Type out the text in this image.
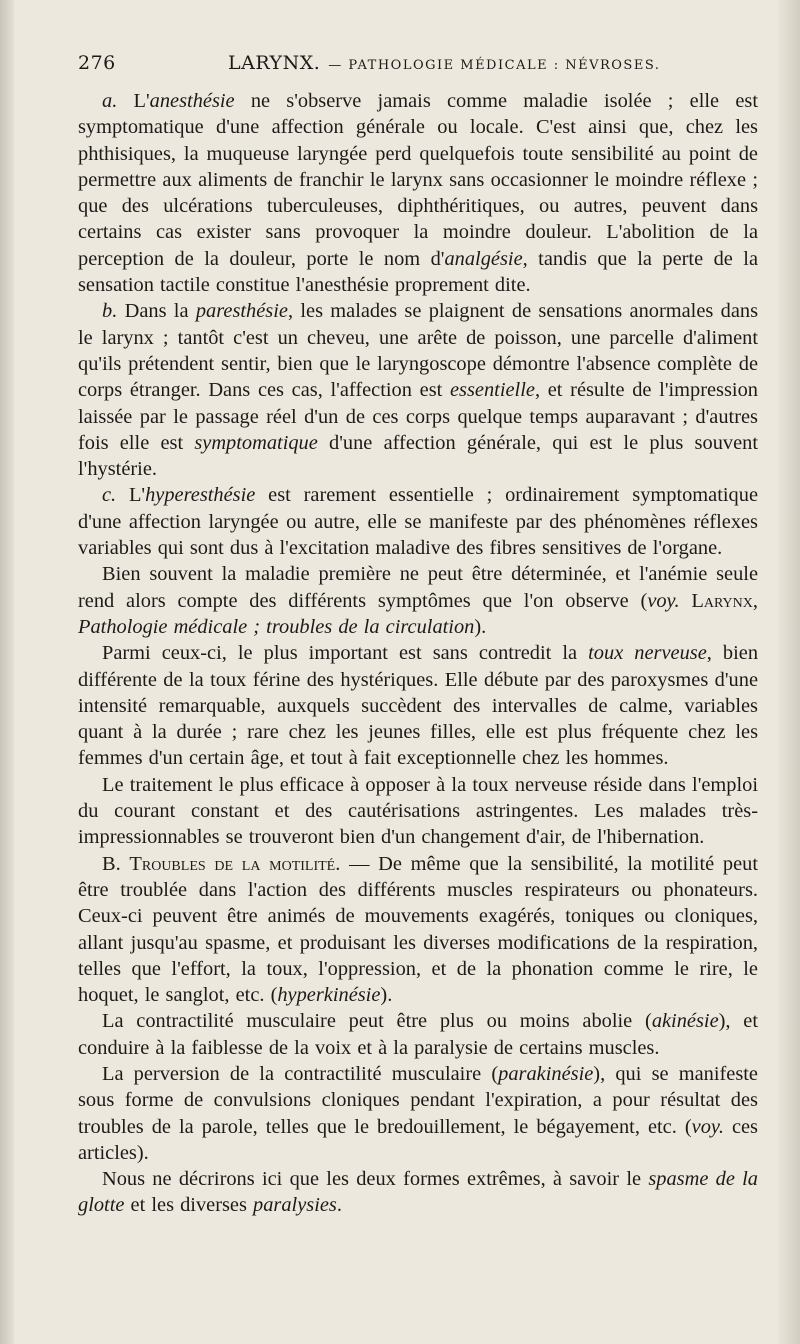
276	LARYNX. — PATHOLOGIE MÉDICALE : NÉVROSES.

a. L'anesthésie ne s'observe jamais comme maladie isolée ; elle est symptomatique d'une affection générale ou locale. C'est ainsi que, chez les phthisiques, la muqueuse laryngée perd quelquefois toute sensibilité au point de permettre aux aliments de franchir le larynx sans occasionner le moindre réflexe ; que des ulcérations tuberculeuses, diphthéritiques, ou autres, peuvent dans certains cas exister sans provoquer la moindre douleur. L'abolition de la perception de la douleur, porte le nom d'analgésie, tandis que la perte de la sensation tactile constitue l'anesthésie proprement dite.

b. Dans la paresthésie, les malades se plaignent de sensations anormales dans le larynx ; tantôt c'est un cheveu, une arête de poisson, une parcelle d'aliment qu'ils prétendent sentir, bien que le laryngoscope démontre l'absence complète de corps étranger. Dans ces cas, l'affection est essentielle, et résulte de l'impression laissée par le passage réel d'un de ces corps quelque temps auparavant ; d'autres fois elle est symptomatique d'une affection générale, qui est le plus souvent l'hystérie.

c. L'hyperesthésie est rarement essentielle ; ordinairement symptomatique d'une affection laryngée ou autre, elle se manifeste par des phénomènes réflexes variables qui sont dus à l'excitation maladive des fibres sensitives de l'organe.

Bien souvent la maladie première ne peut être déterminée, et l'anémie seule rend alors compte des différents symptômes que l'on observe (voy. Larynx, Pathologie médicale ; troubles de la circulation).

Parmi ceux-ci, le plus important est sans contredit la toux nerveuse, bien différente de la toux férine des hystériques. Elle débute par des paroxysmes d'une intensité remarquable, auxquels succèdent des intervalles de calme, variables quant à la durée ; rare chez les jeunes filles, elle est plus fréquente chez les femmes d'un certain âge, et tout à fait exceptionnelle chez les hommes.

Le traitement le plus efficace à opposer à la toux nerveuse réside dans l'emploi du courant constant et des cautérisations astringentes. Les malades très-impressionnables se trouveront bien d'un changement d'air, de l'hibernation.

B. Troubles de la motilité. — De même que la sensibilité, la motilité peut être troublée dans l'action des différents muscles respirateurs ou phonateurs. Ceux-ci peuvent être animés de mouvements exagérés, toniques ou cloniques, allant jusqu'au spasme, et produisant les diverses modifications de la respiration, telles que l'effort, la toux, l'oppression, et de la phonation comme le rire, le hoquet, le sanglot, etc. (hyperkinésie).

La contractilité musculaire peut être plus ou moins abolie (akinésie), et conduire à la faiblesse de la voix et à la paralysie de certains muscles.

La perversion de la contractilité musculaire (parakinésie), qui se manifeste sous forme de convulsions cloniques pendant l'expiration, a pour résultat des troubles de la parole, telles que le bredouillement, le bégayement, etc. (voy. ces articles).

Nous ne décrirons ici que les deux formes extrêmes, à savoir le spasme de la glotte et les diverses paralysies.
